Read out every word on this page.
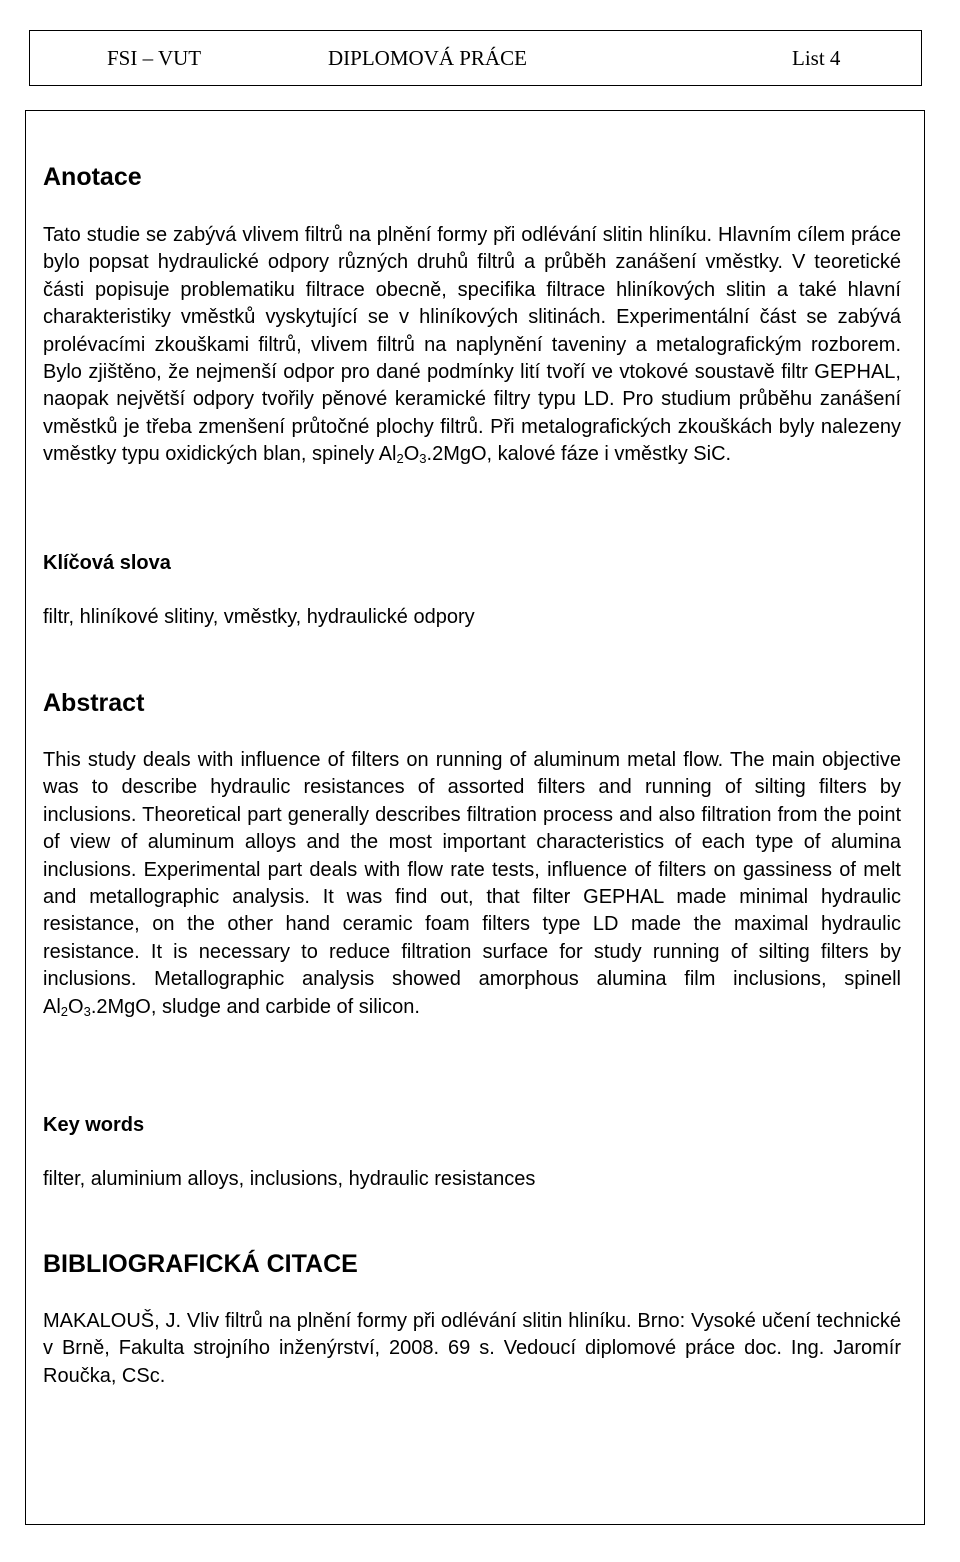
FSI – VUT	DIPLOMOVÁ PRÁCE	List 4
Anotace

Tato studie se zabývá vlivem filtrů na plnění formy při odlévání slitin hliníku. Hlavním cílem práce bylo popsat hydraulické odpory různých druhů filtrů a průběh zanášení vměstky. V teoretické části popisuje problematiku filtrace obecně, specifika filtrace hliníkových slitin a také hlavní charakteristiky vměstků vyskytující se v hliníkových slitinách. Experimentální část se zabývá prolévacími zkouškami filtrů, vlivem filtrů na naplynění taveniny a metalografickým rozborem. Bylo zjištěno, že nejmenší odpor pro dané podmínky lití tvoří ve vtokové soustavě filtr GEPHAL, naopak největší odpory tvořily pěnové keramické filtry typu LD. Pro studium průběhu zanášení vměstků je třeba zmenšení průtočné plochy filtrů. Při metalografických zkouškách byly nalezeny vměstky typu oxidických blan, spinely $Al_2O_3.2MgO$, kalové fáze i vměstky SiC.

Klíčová slova

filtr, hliníkové slitiny, vměstky, hydraulické odpory

Abstract

This study deals with influence of filters on running of aluminum metal flow. The main objective was to describe hydraulic resistances of assorted filters and running of silting filters by inclusions. Theoretical part generally describes filtration process and also filtration from the point of view of aluminum alloys and the most important characteristics of each type of alumina inclusions. Experimental part deals with flow rate tests, influence of filters on gassiness of melt and metallographic analysis. It was find out, that filter GEPHAL made minimal hydraulic resistance, on the other hand ceramic foam filters type LD made the maximal hydraulic resistance. It is necessary to reduce filtration surface for study running of silting filters by inclusions. Metallographic analysis showed amorphous alumina film inclusions, spinell $Al_2O_3.2MgO$, sludge and carbide of silicon.

Key words

filter, aluminium alloys, inclusions, hydraulic resistances

BIBLIOGRAFICKÁ CITACE

MAKALOUŠ, J. Vliv filtrů na plnění formy při odlévání slitin hliníku. Brno: Vysoké učení technické v Brně, Fakulta strojního inženýrství, 2008. 69 s. Vedoucí diplomové práce doc. Ing. Jaromír Roučka, CSc.
